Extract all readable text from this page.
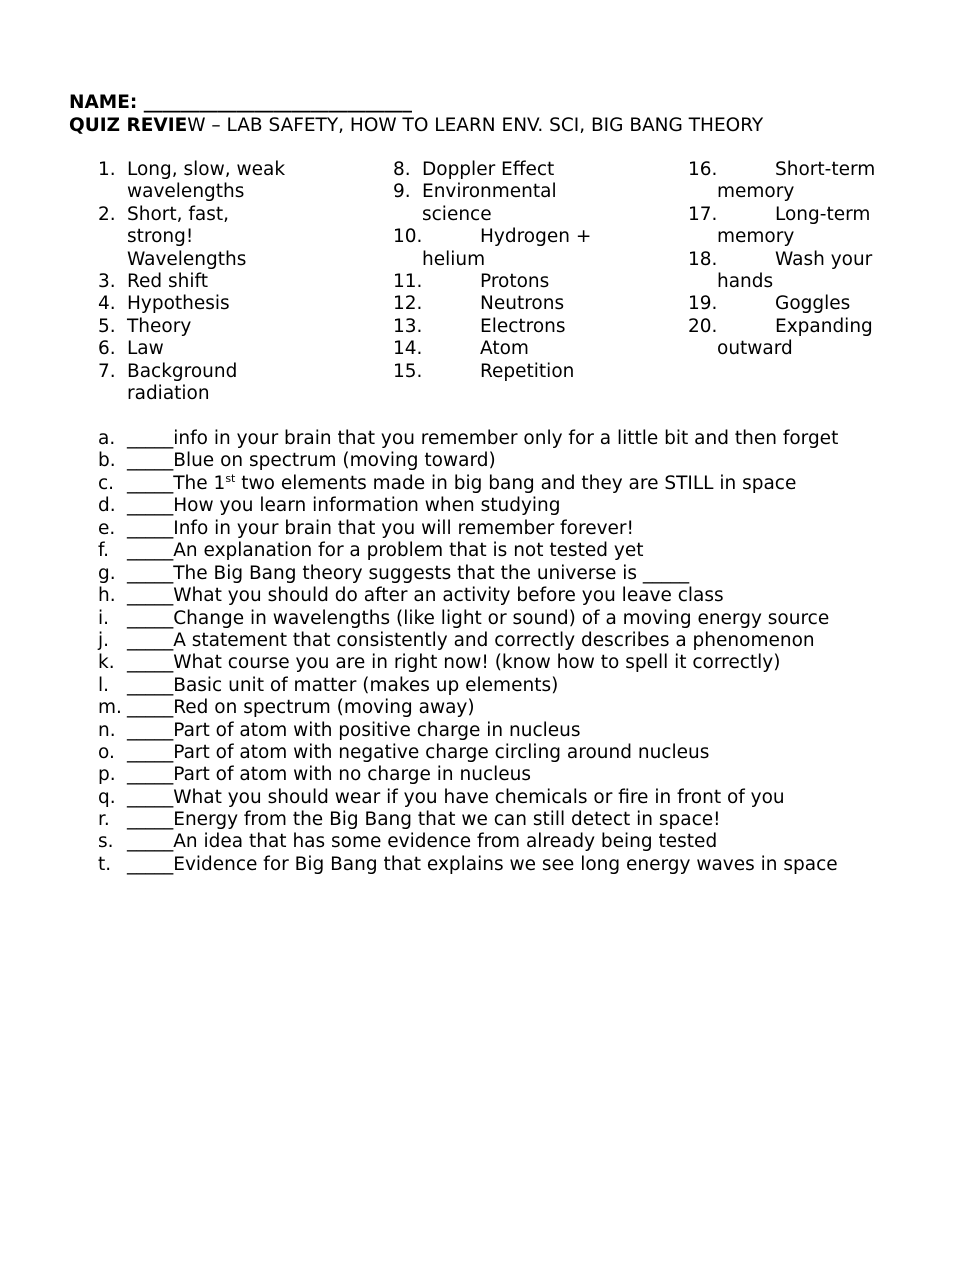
NAME: _____________________________
QUIZ REVIEW – LAB SAFETY, HOW TO LEARN ENV. SCI, BIG BANG THEORY
1. Long, slow, weak
wavelengths
2. Short, fast,
strong!
Wavelengths
3. Red shift
4. Hypothesis
5. Theory
6. Law
7. Background
radiation
8. Doppler Effect
9. Environmental
science
10.	Hydrogen +
helium
11.	Protons
12.	Neutrons
13.	Electrons
14.	Atom
15.	Repetition
16.	Short-term
memory
17.	Long-term
memory
18.	Wash your
hands
19.	Goggles
20.	Expanding
outward
a. _____info in your brain that you remember only for a little bit and then forget
b. _____Blue on spectrum (moving toward)
c. _____The 1st two elements made in big bang and they are STILL in space
d. _____How you learn information when studying
e. _____Info in your brain that you will remember forever!
f. _____An explanation for a problem that is not tested yet
g. _____The Big Bang theory suggests that the universe is _____
h. _____What you should do after an activity before you leave class
i. _____Change in wavelengths (like light or sound) of a moving energy source
j. _____A statement that consistently and correctly describes a phenomenon
k. _____What course you are in right now! (know how to spell it correctly)
l. _____Basic unit of matter (makes up elements)
m. _____Red on spectrum (moving away)
n. _____Part of atom with positive charge in nucleus
o. _____Part of atom with negative charge circling around nucleus
p. _____Part of atom with no charge in nucleus
q. _____What you should wear if you have chemicals or fire in front of you
r. _____Energy from the Big Bang that we can still detect in space!
s. _____An idea that has some evidence from already being tested
t. _____Evidence for Big Bang that explains we see long energy waves in space
